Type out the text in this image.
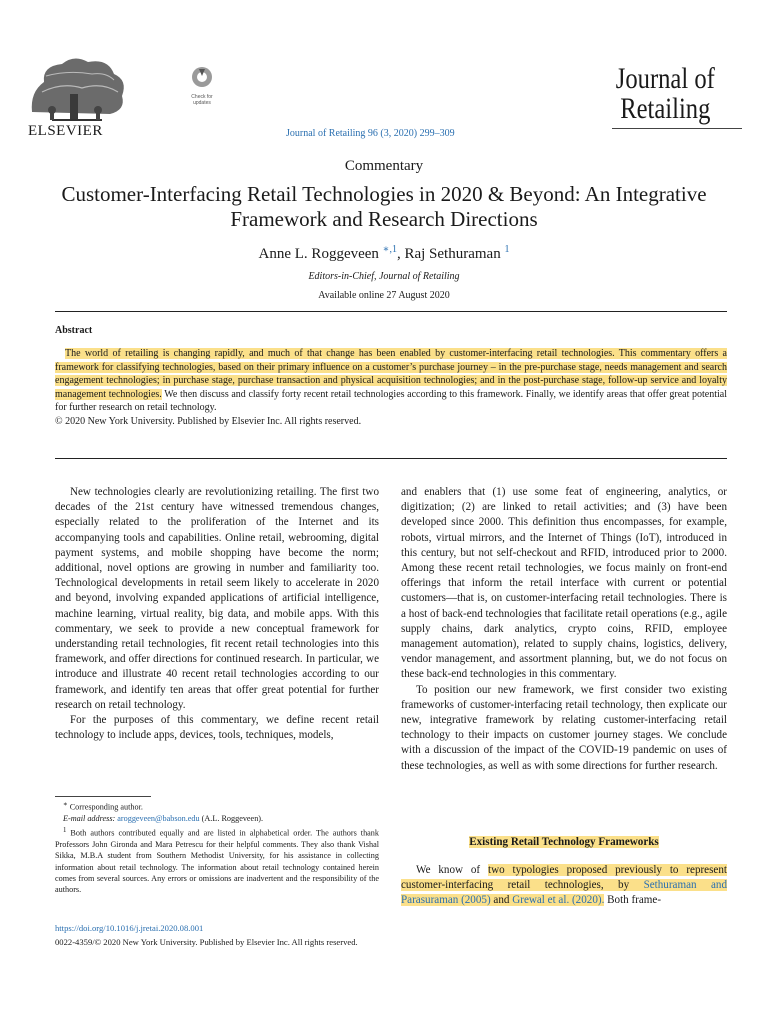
ELSEVIER
Check for
updates
Journal of Retailing 96 (3, 2020) 299–309
Journal of
Retailing
Commentary
Customer-Interfacing Retail Technologies in 2020 & Beyond: An Integrative
Framework and Research Directions
Anne L. Roggeveen $^{∗,1}$, Raj Sethuraman $^1$
Editors-in-Chief, Journal of Retailing
Available online 27 August 2020
Abstract
The world of retailing is changing rapidly, and much of that change has been enabled by customer-interfacing retail technologies. This commentary offers a framework for classifying technologies, based on their primary influence on a customer’s purchase journey – in the pre-purchase stage, needs management and search engagement technologies; in purchase stage, purchase transaction and physical acquisition technologies; and in the post-purchase stage, follow-up service and loyalty management technologies. We then discuss and classify forty recent retail technologies according to this framework. Finally, we identify areas that offer great potential for further research on retail technology.
© 2020 New York University. Published by Elsevier Inc. All rights reserved.

New technologies clearly are revolutionizing retailing. The first two decades of the 21st century have witnessed tremendous changes, especially related to the proliferation of the Internet and its accompanying tools and capabilities. Online retail, webrooming, digital payment systems, and mobile shopping have become the norm; additional, novel options are growing in number and familiarity too. Technological developments in retail seem likely to accelerate in 2020 and beyond, involving expanded applications of artificial intelligence, machine learning, virtual reality, big data, and mobile apps. With this commentary, we seek to provide a new conceptual framework for understanding retail technologies, fit recent retail technologies into this framework, and offer directions for continued research. In particular, we introduce and illustrate 40 recent retail technologies according to our framework, and identify ten areas that offer great potential for further research on retail technology.

For the purposes of this commentary, we define recent retail technology to include apps, devices, tools, techniques, models,

∗ Corresponding author.
E-mail address: aroggeveen@babson.edu (A.L. Roggeveen).
$^1$ Both authors contributed equally and are listed in alphabetical order. The authors thank Professors John Gironda and Mara Petrescu for their helpful comments. They also thank Vishal Sikka, M.B.A student from Southern Methodist University, for his assistance in collecting information about retail technology. The information about retail technology contained herein comes from several sources. Any errors or omissions are inadvertent and the responsibility of the authors.

and enablers that (1) use some feat of engineering, analytics, or digitization; (2) are linked to retail activities; and (3) have been developed since 2000. This definition thus encompasses, for example, robots, virtual mirrors, and the Internet of Things (IoT), introduced in this century, but not self-checkout and RFID, introduced prior to 2000. Among these recent retail technologies, we focus mainly on front-end offerings that inform the retail interface with current or potential customers—that is, on customer-interfacing retail technologies. There is a host of back-end technologies that facilitate retail operations (e.g., agile supply chains, dark analytics, crypto coins, RFID, employee management automation), related to supply chains, logistics, delivery, vendor management, and assortment planning, but, we do not focus on these back-end technologies in this commentary.

To position our new framework, we first consider two existing frameworks of customer-interfacing retail technology, then explicate our new, integrative framework by relating customer-interfacing retail technology to their impacts on customer journey stages. We conclude with a discussion of the impact of the COVID-19 pandemic on uses of these technologies, as well as with some directions for further research.

Existing Retail Technology Frameworks

We know of two typologies proposed previously to represent customer-interfacing retail technologies, by Sethuraman and Parasuraman (2005) and Grewal et al. (2020). Both frame-

https://doi.org/10.1016/j.jretai.2020.08.001
0022-4359/© 2020 New York University. Published by Elsevier Inc. All rights reserved.
